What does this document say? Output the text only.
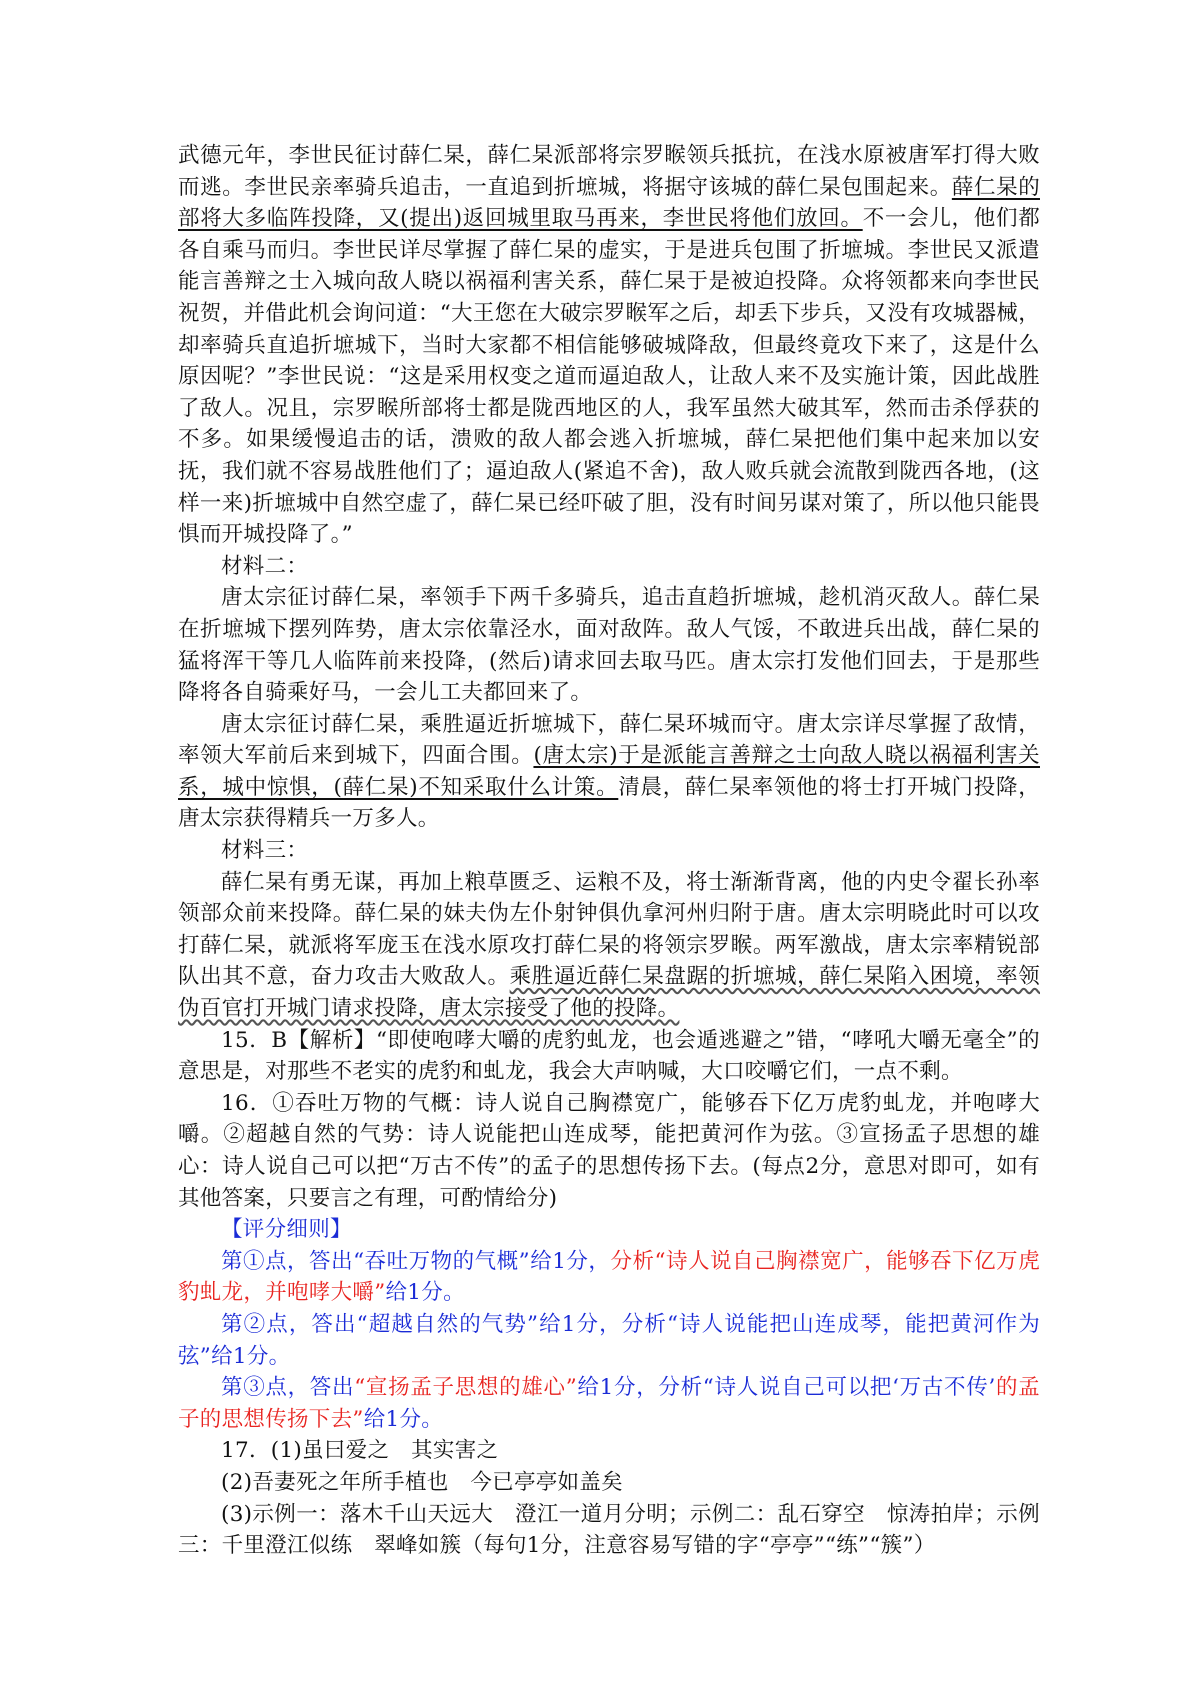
武德元年，李世民征讨薛仁杲，薛仁杲派部将宗罗睺领兵抵抗，在浅水原被唐军打得大败而逃。李世民亲率骑兵追击，一直追到折墌城，将据守该城的薛仁杲包围起来。薛仁杲的部将大多临阵投降，又(提出)返回城里取马再来，李世民将他们放回。不一会儿，他们都各自乘马而归。李世民详尽掌握了薛仁杲的虚实，于是进兵包围了折墌城。李世民又派遣能言善辩之士入城向敌人晓以祸福利害关系，薛仁杲于是被迫投降。众将领都来向李世民祝贺，并借此机会询问道：“大王您在大破宗罗睺军之后，却丢下步兵，又没有攻城器械，却率骑兵直追折墌城下，当时大家都不相信能够破城降敌，但最终竟攻下来了，这是什么原因呢？”李世民说：“这是采用权变之道而逼迫敌人，让敌人来不及实施计策，因此战胜了敌人。况且，宗罗睺所部将士都是陇西地区的人，我军虽然大破其军，然而击杀俘获的不多。如果缓慢追击的话，溃败的敌人都会逃入折墌城，薛仁杲把他们集中起来加以安抚，我们就不容易战胜他们了；逼迫敌人(紧追不舍)，敌人败兵就会流散到陇西各地，(这样一来)折墌城中自然空虚了，薛仁杲已经吓破了胆，没有时间另谋对策了，所以他只能畏惧而开城投降了。”

材料二：

唐太宗征讨薛仁杲，率领手下两千多骑兵，追击直趋折墌城，趁机消灭敌人。薛仁杲在折墌城下摆列阵势，唐太宗依靠泾水，面对敌阵。敌人气馁，不敢进兵出战，薛仁杲的猛将浑干等几人临阵前来投降，(然后)请求回去取马匹。唐太宗打发他们回去，于是那些降将各自骑乘好马，一会儿工夫都回来了。

唐太宗征讨薛仁杲，乘胜逼近折墌城下，薛仁杲环城而守。唐太宗详尽掌握了敌情，率领大军前后来到城下，四面合围。(唐太宗)于是派能言善辩之士向敌人晓以祸福利害关系，城中惊惧，(薛仁杲)不知采取什么计策。清晨，薛仁杲率领他的将士打开城门投降，唐太宗获得精兵一万多人。

材料三：

薛仁杲有勇无谋，再加上粮草匮乏、运粮不及，将士渐渐背离，他的内史令翟长孙率领部众前来投降。薛仁杲的妹夫伪左仆射钟俱仇拿河州归附于唐。唐太宗明晓此时可以攻打薛仁杲，就派将军庞玉在浅水原攻打薛仁杲的将领宗罗睺。两军激战，唐太宗率精锐部队出其不意，奋力攻击大败敌人。乘胜逼近薛仁杲盘踞的折墌城，薛仁杲陷入困境，率领伪百官打开城门请求投降，唐太宗接受了他的投降。

15．B【解析】“即使咆哮大嚼的虎豹虬龙，也会遁逃避之”错，“哮吼大嚼无毫全”的意思是，对那些不老实的虎豹和虬龙，我会大声呐喊，大口咬嚼它们，一点不剩。

16．①吞吐万物的气概：诗人说自己胸襟宽广，能够吞下亿万虎豹虬龙，并咆哮大嚼。②超越自然的气势：诗人说能把山连成琴，能把黄河作为弦。③宣扬孟子思想的雄心：诗人说自己可以把“万古不传”的孟子的思想传扬下去。(每点2分，意思对即可，如有其他答案，只要言之有理，可酌情给分)

【评分细则】

第①点，答出“吞吐万物的气概”给1分，分析“诗人说自己胸襟宽广，能够吞下亿万虎豹虬龙，并咆哮大嚼”给1分。

第②点，答出“超越自然的气势”给1分，分析“诗人说能把山连成琴，能把黄河作为弦”给1分。

第③点，答出“宣扬孟子思想的雄心”给1分，分析“诗人说自己可以把‘万古不传’的孟子的思想传扬下去”给1分。

17．(1)虽曰爱之　其实害之

(2)吾妻死之年所手植也　今已亭亭如盖矣

(3)示例一：落木千山天远大　澄江一道月分明；示例二：乱石穿空　惊涛拍岸；示例三：千里澄江似练　翠峰如簇（每句1分，注意容易写错的字“亭亭”“练”“簇”）
